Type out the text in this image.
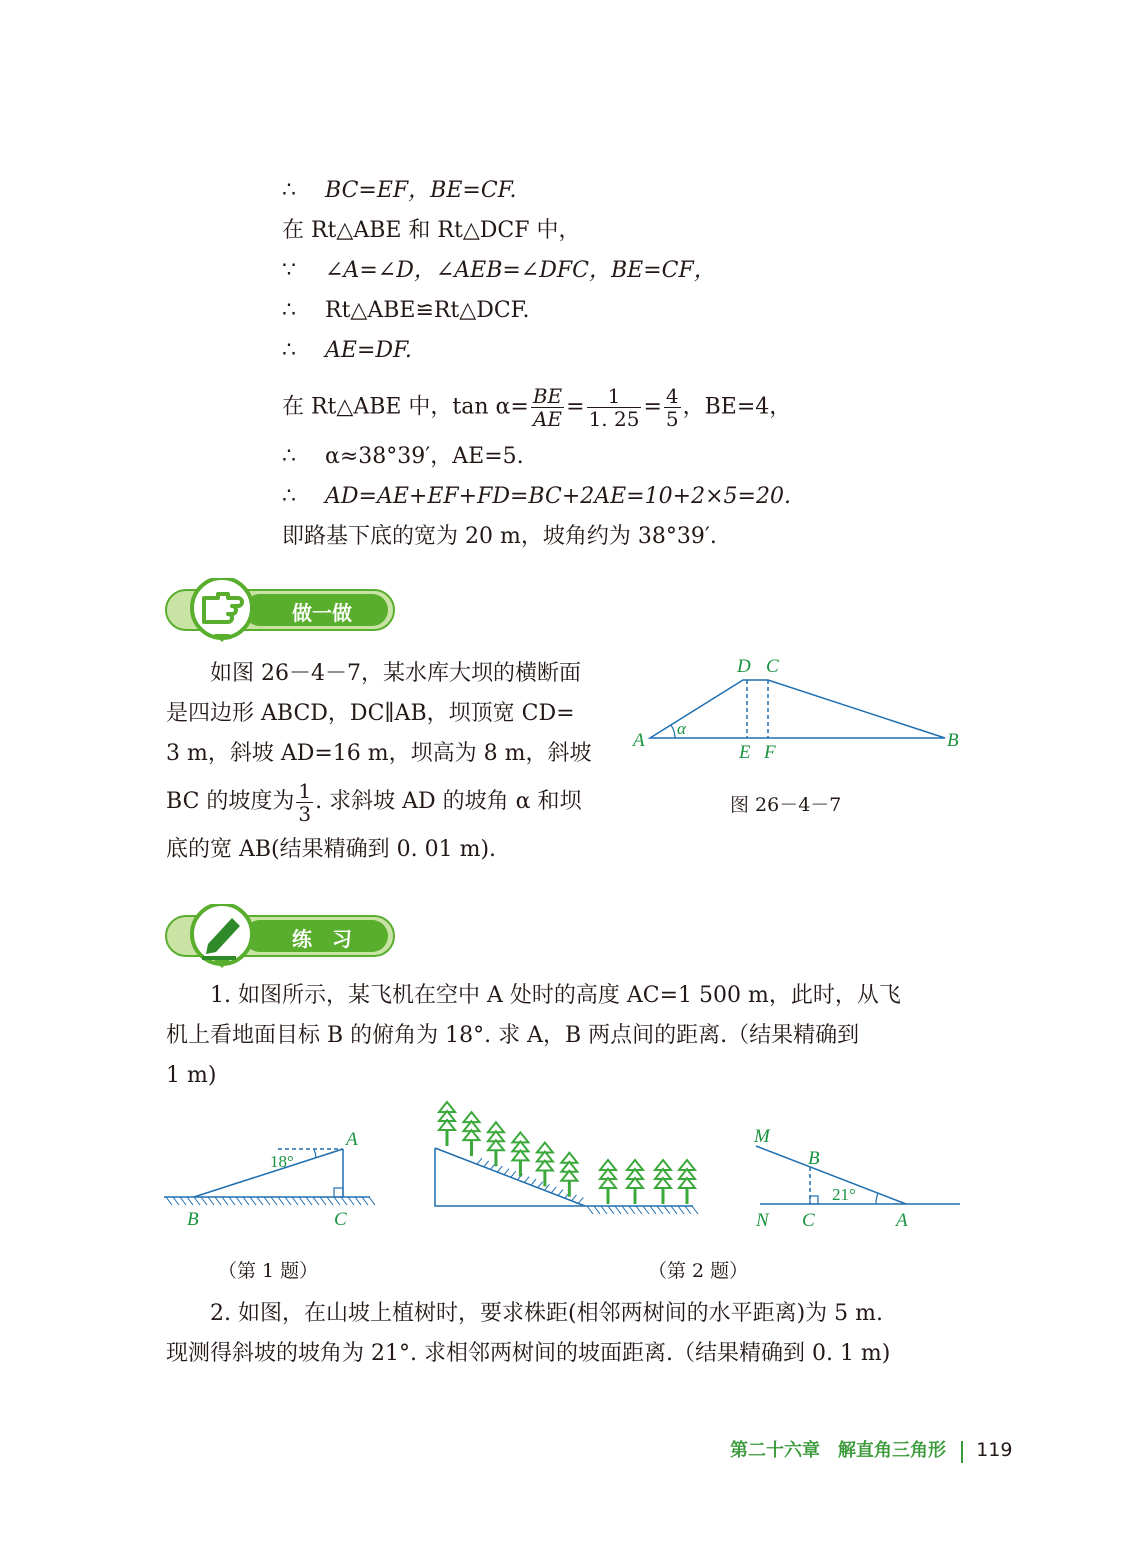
∴ BC=EF，BE=CF.
在 Rt△ABE 和 Rt△DCF 中，
∵ ∠A=∠D，∠AEB=∠DFC，BE=CF，
∴ Rt△ABE≌Rt△DCF.
∴ AE=DF.
在 Rt△ABE 中，$\tan \alpha= \frac{BE}{AE} = \frac{1}{1. 25} = \frac{4}{5}$ ，BE=4，
∴ α≈38°39′，AE=5.
∴ AD=AE+EF+FD=BC+2AE=10+2×5=20.
即路基下底的宽为 20 m，坡角约为 38°39′.
做一做
如图 26－4－7，某水库大坝的横断面
是四边形 ABCD，DC∥AB，坝顶宽 CD=
3 m，斜坡 AD=16 m，坝高为 8 m，斜坡
BC 的坡度为 $\frac{1}{3}$ . 求斜坡 AD 的坡角 α 和坝
底的宽 AB(结果精确到 0. 01 m).
A	B
D C
E F
α
图 26－4－7
练　习
1. 如图所示，某飞机在空中 A 处时的高度 AC=1 500 m，此时，从飞
机上看地面目标 B 的俯角为 18°. 求 A，B 两点间的距离.（结果精确到
1 m)
A
B	C
18°
（第 1 题）
M
B
N C	A
21°
（第 2 题）
2. 如图，在山坡上植树时，要求株距(相邻两树间的水平距离)为 5 m.
现测得斜坡的坡角为 21°. 求相邻两树间的坡面距离.（结果精确到 0. 1 m)
第二十六章　解直角三角形 119
